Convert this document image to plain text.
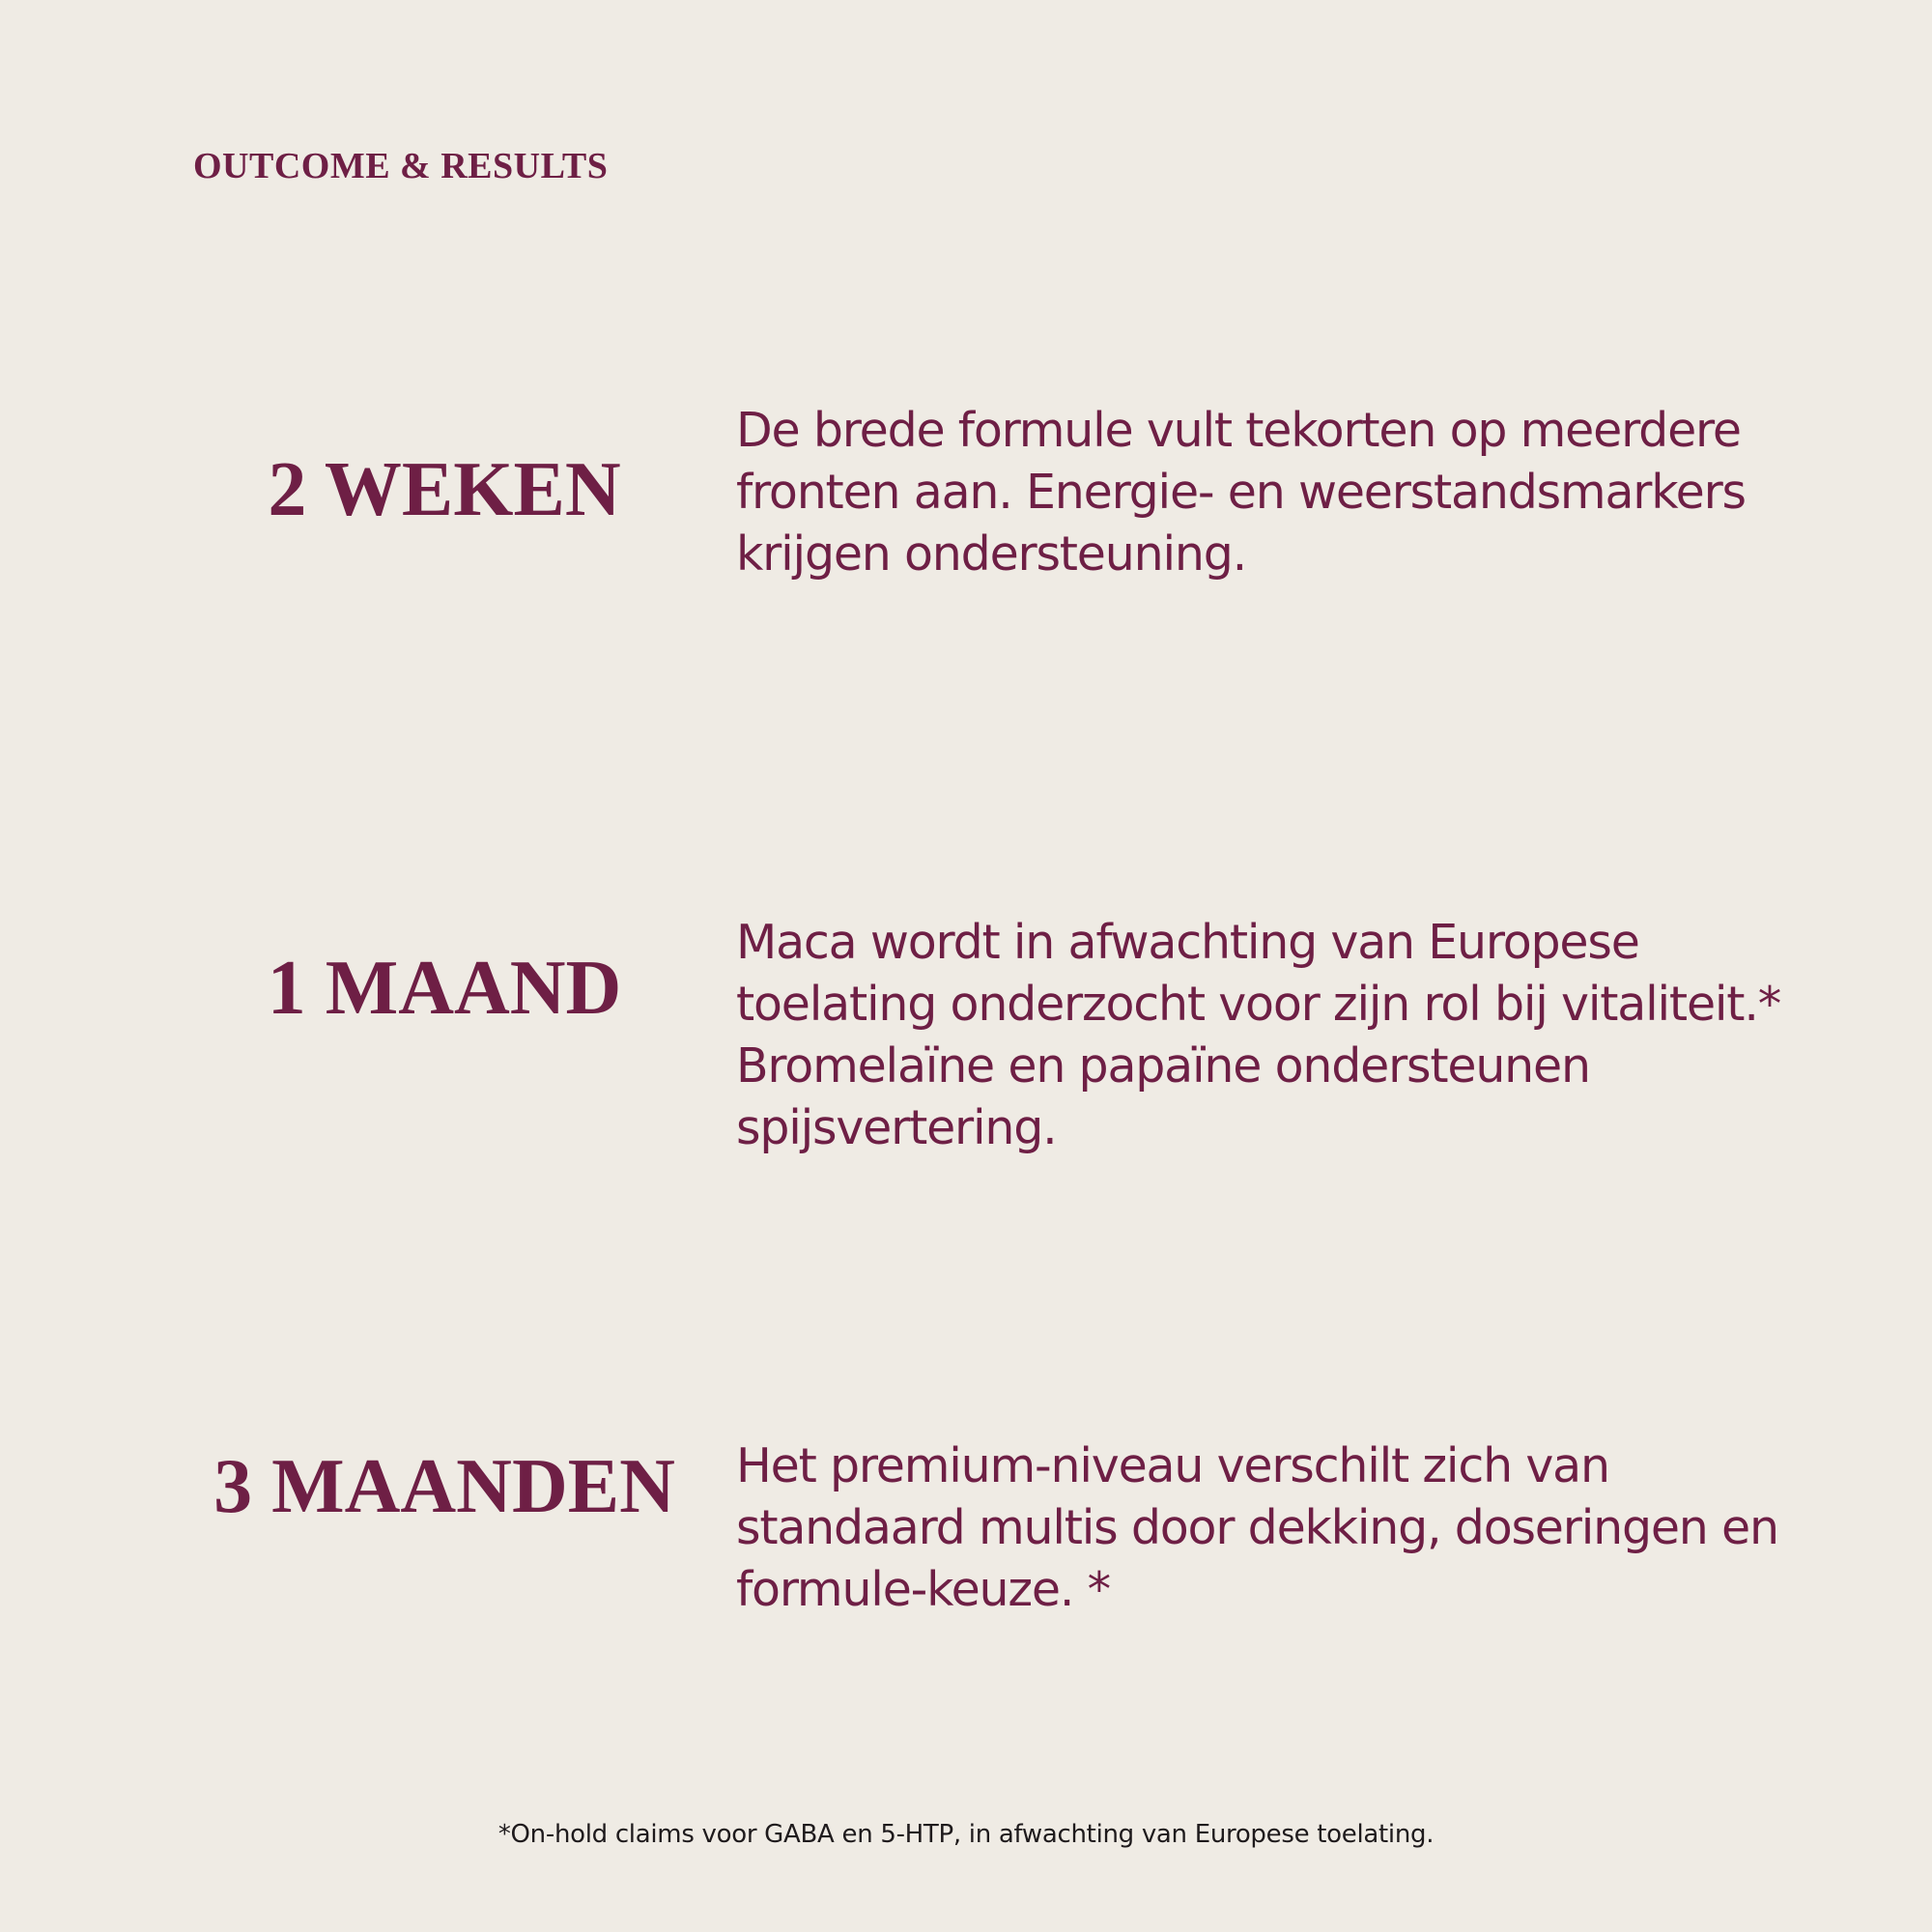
OUTCOME & RESULTS
2 WEKEN
De brede formule vult tekorten op meerdere
fronten aan. Energie- en weerstandsmarkers
krijgen ondersteuning.
1 MAAND
Maca wordt in afwachting van Europese
toelating onderzocht voor zijn rol bij vitaliteit.*
Bromelaïne en papaïne ondersteunen
spijsvertering.
3 MAANDEN	Het premium-niveau verschilt zich van
standaard multis door dekking, doseringen en
formule-keuze. *
*On-hold claims voor GABA en 5-HTP, in afwachting van Europese toelating.
